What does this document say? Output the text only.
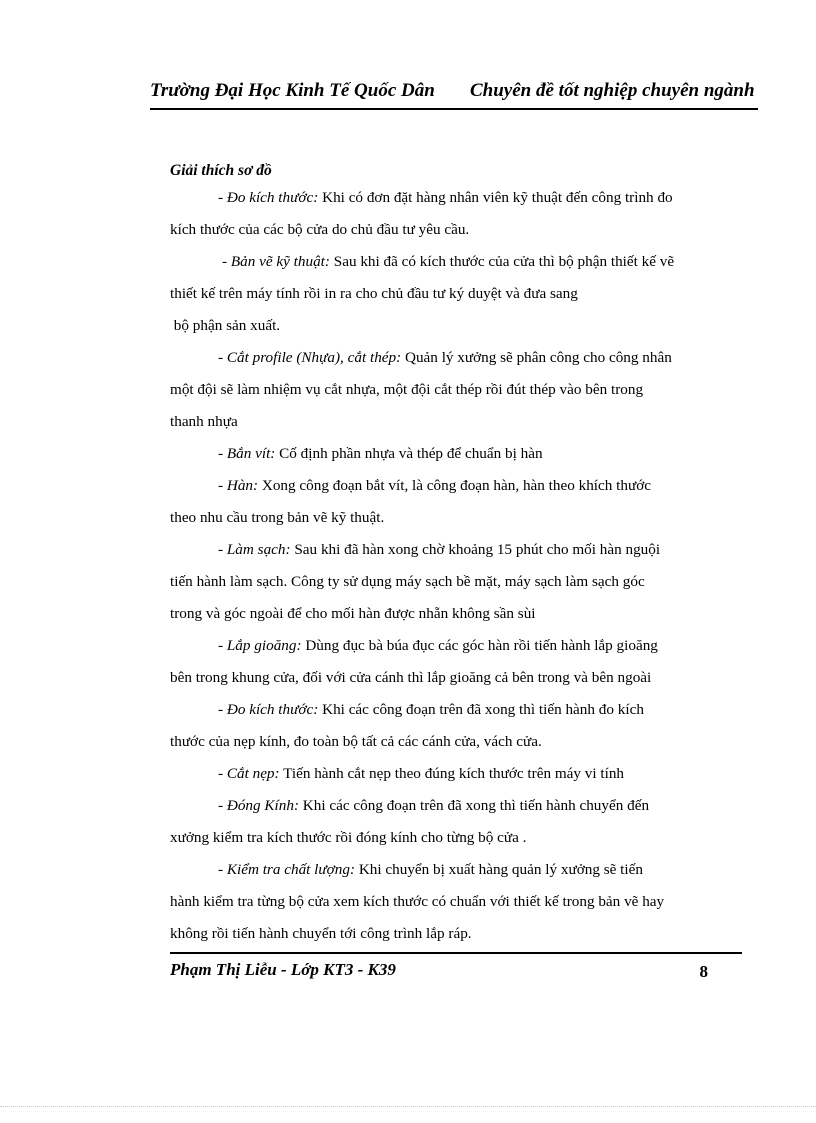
Trường Đại Học Kinh Tế Quốc Dân Chuyên đề tốt nghiệp chuyên ngành

Giải thích sơ đồ

- Đo kích thước: Khi có đơn đặt hàng nhân viên kỹ thuật đến công trình đo

kích thước của các bộ cửa do chủ đầu tư yêu cầu.

- Bản vẽ kỹ thuật: Sau khi đã có kích thước của cửa thì bộ phận thiết kế vẽ

thiết kế trên máy tính rồi in ra cho chủ đầu tư ký duyệt và đưa sang

bộ phận sản xuất.

- Cắt profile (Nhựa), cắt thép: Quản lý xưởng sẽ phân công cho công nhân

một đội sẽ làm nhiệm vụ cắt nhựa, một đội cắt thép rồi đút thép vào bên trong

thanh nhựa

- Bắn vít: Cố định phần nhựa và thép để chuẩn bị hàn

- Hàn: Xong công đoạn bắt vít, là công đoạn hàn, hàn theo khích thước

theo nhu cầu trong bản vẽ kỹ thuật.

- Làm sạch: Sau khi đã hàn xong chờ khoảng 15 phút cho mối hàn nguội

tiến hành làm sạch. Công ty sử dụng máy sạch bề mặt, máy sạch làm sạch góc

trong và góc ngoài để cho mối hàn được nhẵn không sần sùi

- Lắp gioăng: Dùng đục bà búa đục các góc hàn rồi tiến hành lắp gioăng

bên trong khung cửa, đối với cửa cánh thì lắp gioăng cả bên trong và bên ngoài

- Đo kích thước: Khi các công đoạn trên đã xong thì tiến hành đo kích

thước của nẹp kính, đo toàn bộ tất cả các cánh cửa, vách cửa.

- Cắt nẹp: Tiến hành cắt nẹp theo đúng kích thước trên máy vi tính

- Đóng Kính: Khi các công đoạn trên đã xong thì tiến hành chuyển đến

xưởng kiểm tra kích thước rồi đóng kính cho từng bộ cửa .

- Kiểm tra chất lượng: Khi chuyển bị xuất hàng quản lý xưởng sẽ tiến

hành kiểm tra từng bộ cửa xem kích thước có chuẩn với thiết kế trong bản vẽ hay

không rồi tiến hành chuyển tới công trình lắp ráp.

Phạm Thị Liễu - Lớp KT3 - K39	8
